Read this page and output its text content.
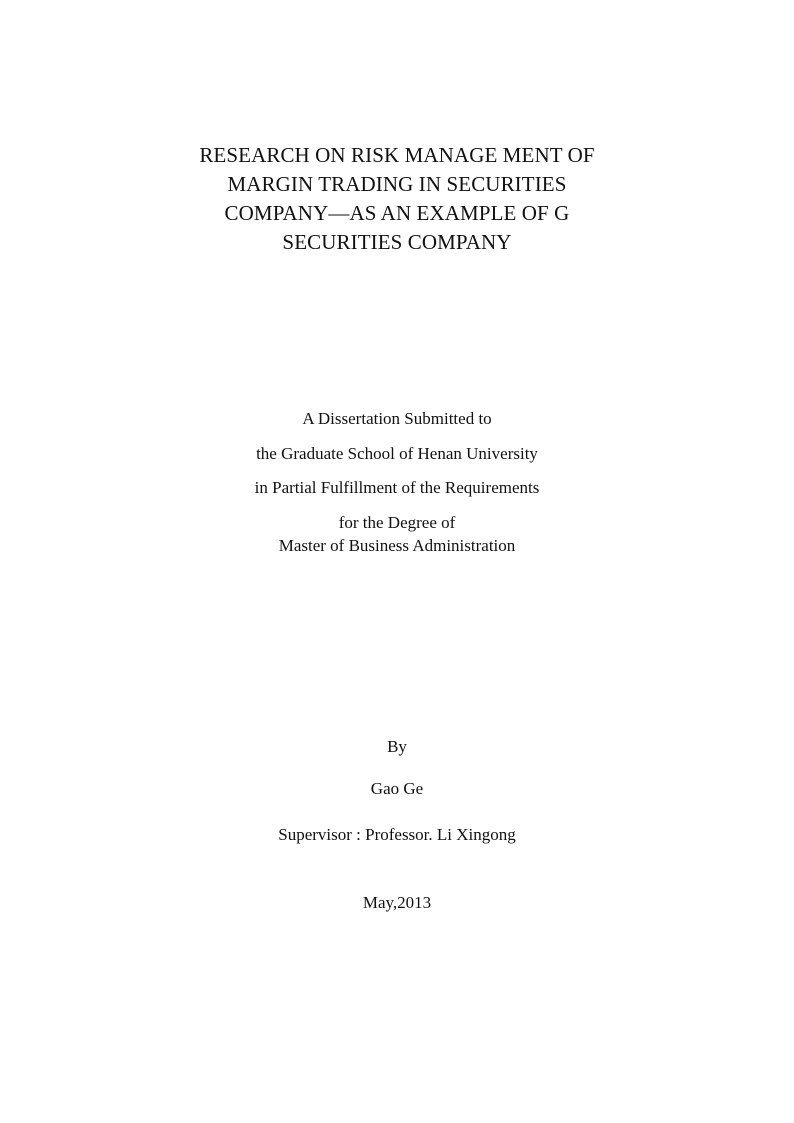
RESEARCH ON RISK MANAGE MENT OF
MARGIN TRADING IN SECURITIES
COMPANY—AS AN EXAMPLE OF G
SECURITIES COMPANY
A Dissertation Submitted to
the Graduate School of Henan University
in Partial Fulfillment of the Requirements
for the Degree of
Master of Business Administration
By
Gao Ge
Supervisor : Professor. Li Xingong
May,2013
